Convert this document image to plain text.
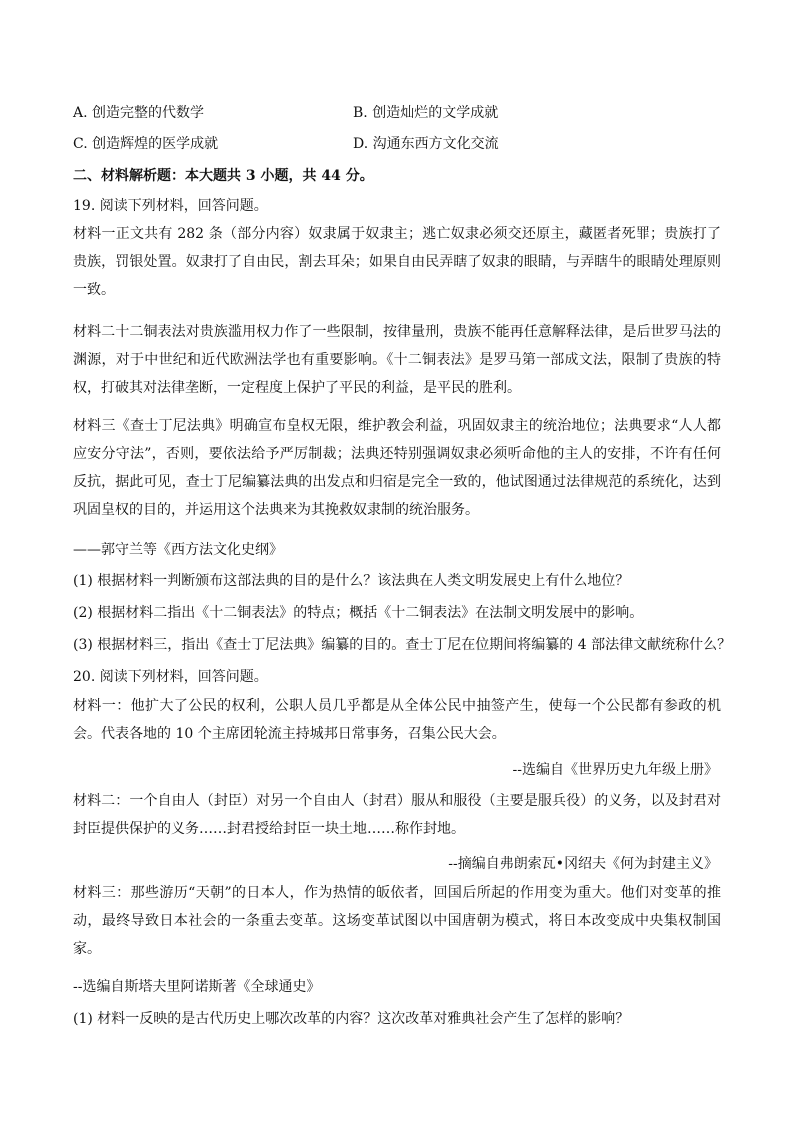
A. 创造完整的代数学	B. 创造灿烂的文学成就
C. 创造辉煌的医学成就	D. 沟通东西方文化交流
二、材料解析题：本大题共 3 小题，共 44 分。
19. 阅读下列材料，回答问题。
材料一正文共有 282 条（部分内容）奴隶属于奴隶主；逃亡奴隶必须交还原主，藏匿者死罪；贵族打了贵族，罚银处置。奴隶打了自由民，割去耳朵；如果自由民弄瞎了奴隶的眼睛，与弄瞎牛的眼睛处理原则一致。
材料二十二铜表法对贵族滥用权力作了一些限制，按律量刑，贵族不能再任意解释法律，是后世罗马法的渊源，对于中世纪和近代欧洲法学也有重要影响。《十二铜表法》是罗马第一部成文法，限制了贵族的特权，打破其对法律垄断，一定程度上保护了平民的利益，是平民的胜利。
材料三《查士丁尼法典》明确宣布皇权无限，维护教会利益，巩固奴隶主的统治地位；法典要求“人人都应安分守法”，否则，要依法给予严厉制裁；法典还特别强调奴隶必须听命他的主人的安排，不许有任何反抗，据此可见，查士丁尼编纂法典的出发点和归宿是完全一致的，他试图通过法律规范的系统化，达到巩固皇权的目的，并运用这个法典来为其挽救奴隶制的统治服务。
——郭守兰等《西方法文化史纲》
(1) 根据材料一判断颁布这部法典的目的是什么？该法典在人类文明发展史上有什么地位？
(2) 根据材料二指出《十二铜表法》的特点；概括《十二铜表法》在法制文明发展中的影响。
(3) 根据材料三，指出《查士丁尼法典》编纂的目的。查士丁尼在位期间将编纂的 4 部法律文献统称什么？
20. 阅读下列材料，回答问题。
材料一：他扩大了公民的权利，公职人员几乎都是从全体公民中抽签产生，使每一个公民都有参政的机会。代表各地的 10 个主席团轮流主持城邦日常事务，召集公民大会。
--选编自《世界历史九年级上册》
材料二：一个自由人（封臣）对另一个自由人（封君）服从和服役（主要是服兵役）的义务，以及封君对封臣提供保护的义务……封君授给封臣一块土地……称作封地。
--摘编自弗朗索瓦•冈绍夫《何为封建主义》
材料三：那些游历“天朝”的日本人，作为热情的皈依者，回国后所起的作用变为重大。他们对变革的推动，最终导致日本社会的一条重去变革。这场变革试图以中国唐朝为模式，将日本改变成中央集权制国家。
--选编自斯塔夫里阿诺斯著《全球通史》
(1) 材料一反映的是古代历史上哪次改革的内容？这次改革对雅典社会产生了怎样的影响？
